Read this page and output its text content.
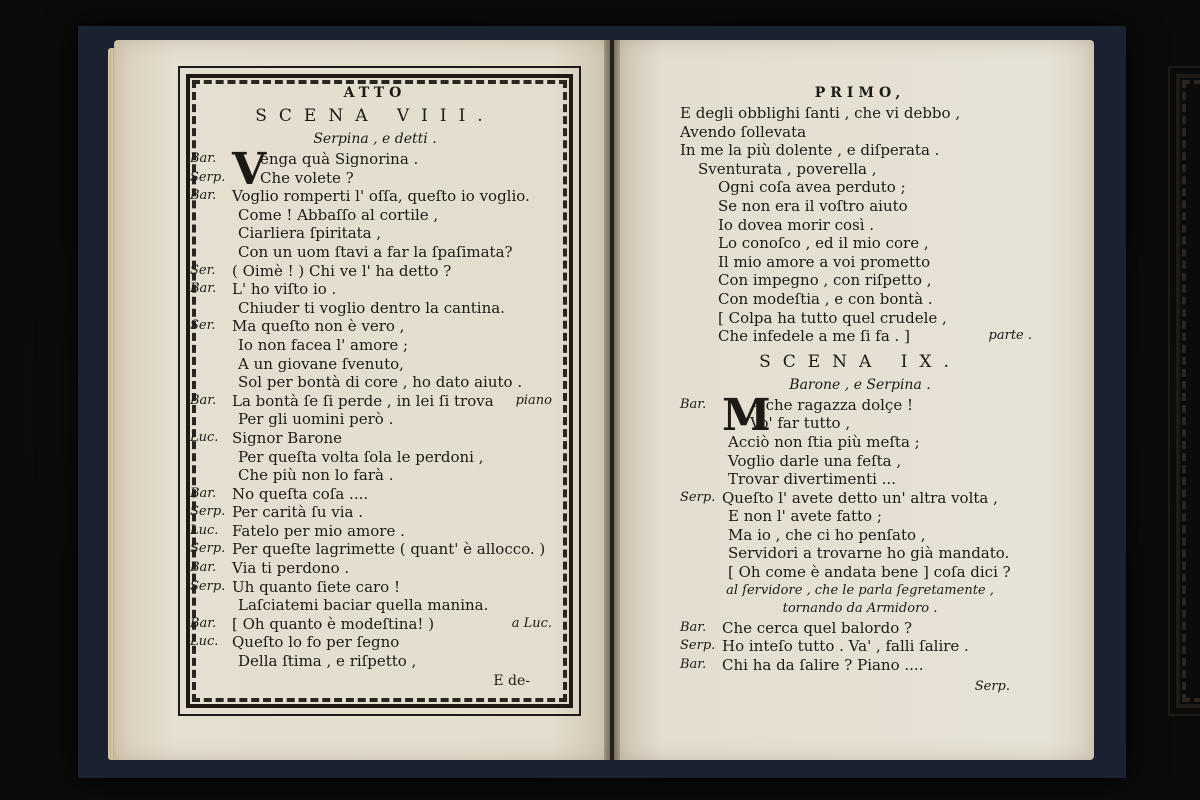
ATTO
SCENA VIII.
Serpina , e detti .
Bar. V
enga quà Signorina .
Serp.	Che volete ?
Bar.	Voglio romperti l' oſſa, queſto io voglio.
Come ! Abbaſſo al cortile ,
Ciarliera ſpiritata ,
Con un uom ſtavi a far la ſpaſimata?
Ser.	( Oimè ! ) Chi ve l' ha detto ?
Bar.	L' ho viſto io .
Chiuder ti voglio dentro la cantina.
Ser.	Ma queſto non è vero ,
Io non facea l' amore ;
A un giovane ſvenuto,
Sol per bontà di core , ho dato aiuto .
Bar.	La bontà ſe ſi perde , in lei ſi trova piano
Per gli uomini però .
Luc. Signor Barone
Per queſta volta ſola le perdoni ,
Che più non lo farà .
Bar.	No queſta coſa ....
Serp. Per carità ſu via .
Luc. Fatelo per mio amore .
Serp. Per queſte lagrimette ( quant' è allocco. )
Bar.	Via ti perdono .
Serp. Uh quanto ſiete caro !
Laſciatemi baciar quella manina.
Bar.	[ Oh quanto è modeſtina! )	a Luc.
Luc. Queſto lo fo per ſegno
Della ſtima , e riſpetto ,
E de-
PRIMO,
E degli obblighi ſanti , che vi debbo ,
Avendo ſollevata
In me la più dolente , e diſperata .
Sventurata , poverella ,
Ogni coſa avea perduto ;
Se non era il voſtro aiuto
Io dovea morir così .
Lo conoſco , ed il mio core ,
Il mio amore a voi prometto
Con impegno , con riſpetto ,
Con modeſtia , e con bontà .
[ Colpa ha tutto quel crudele ,
Che infedele a me ſi fa . ]	parte .
SCENA IX.
Barone , e Serpina .
Bar. M
A che ragazza dolçe !
Vo' far tutto ,
Acciò non ſtia più meſta ;
Voglio darle una feſta ,
Trovar divertimenti ...
Serp. Queſto l' avete detto un' altra volta ,
E non l' avete fatto ;
Ma io , che ci ho penſato ,
Servidori a trovarne ho già mandato.
[ Oh come è andata bene ] coſa dici ?
al ſervidore , che le parla ſegretamente ,
tornando da Armidoro .
Bar.	Che cerca quel balordo ?
Serp. Ho inteſo tutto . Va' , falli ſalire .
Bar.	Chi ha da ſalire ? Piano ....
Serp.
